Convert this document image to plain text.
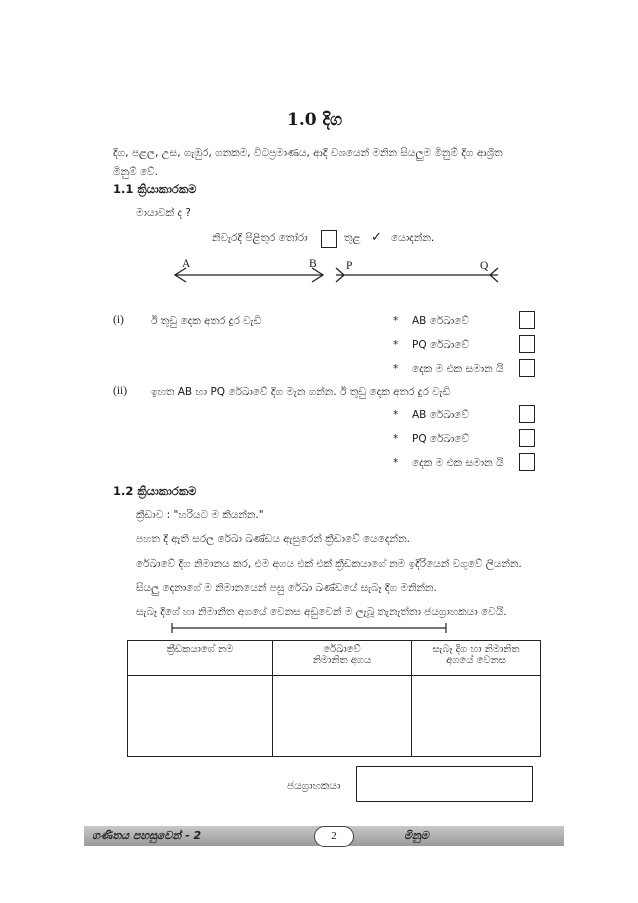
1.0 දිග
දිග, පළල, උස, ගැඹුර, ගනකම, විටප්‍රමාණය, ආදී වශයෙන් මනින සියලුම මිනුම් දිග ආශ්‍රිත
මිනුම් වේ.
1.1 ක්‍රියාකාරකම
මායාවක් ද ?
නිවැරදි පිළිතුර තෝරා	තුළ ✓ යොදන්න.
A	B	P	Q
(i)	ඊ තුඩු දෙක අතර දුර වැඩි	* AB රේඛාවේ
* PQ රේඛාවේ
* දෙක ම එක සමාන යි
(ii) ඉහත AB හා PQ රේඛාවේ දිග මැන ගන්න. ඊ තුඩු දෙක අතර දුර වැඩි
* AB රේඛාවේ
* PQ රේඛාවේ
* දෙක ම එක සමාන යි
1.2 ක්‍රියාකාරකම
ක්‍රීඩාව : "හරියට ම කියන්න."
පහත දී ඇති සරල රේඛා ඛණ්ඩය ඇසුරෙන් ක්‍රීඩාවේ යෙදෙන්න.
රේඛාවේ දිග නිමානය කර, එම අගය එක් එක් ක්‍රීඩකයාගේ නම ඉදිරියෙන් වගුවේ ලියන්න.
සියලු දෙනාගේ ම නිමානයෙන් පසු රේඛා ඛණ්ඩයේ සැබෑ දිග මනින්න.
සැබෑ දිගේ හා නිමානිත අගයේ වෙනස අඩුවෙන් ම ලැබූ තැනැත්තා ජයග්‍රාහකයා වෙයි.
ක්‍රීඩකයාගේ නම	රේඛාවේ
නිමානිත අගය	සැබෑ දිග හා නිමානිත
අගයේ වෙනස

ජයග්‍රාහකයා
ගණිතය පහසුවෙන් - 2	2	මිනුම
